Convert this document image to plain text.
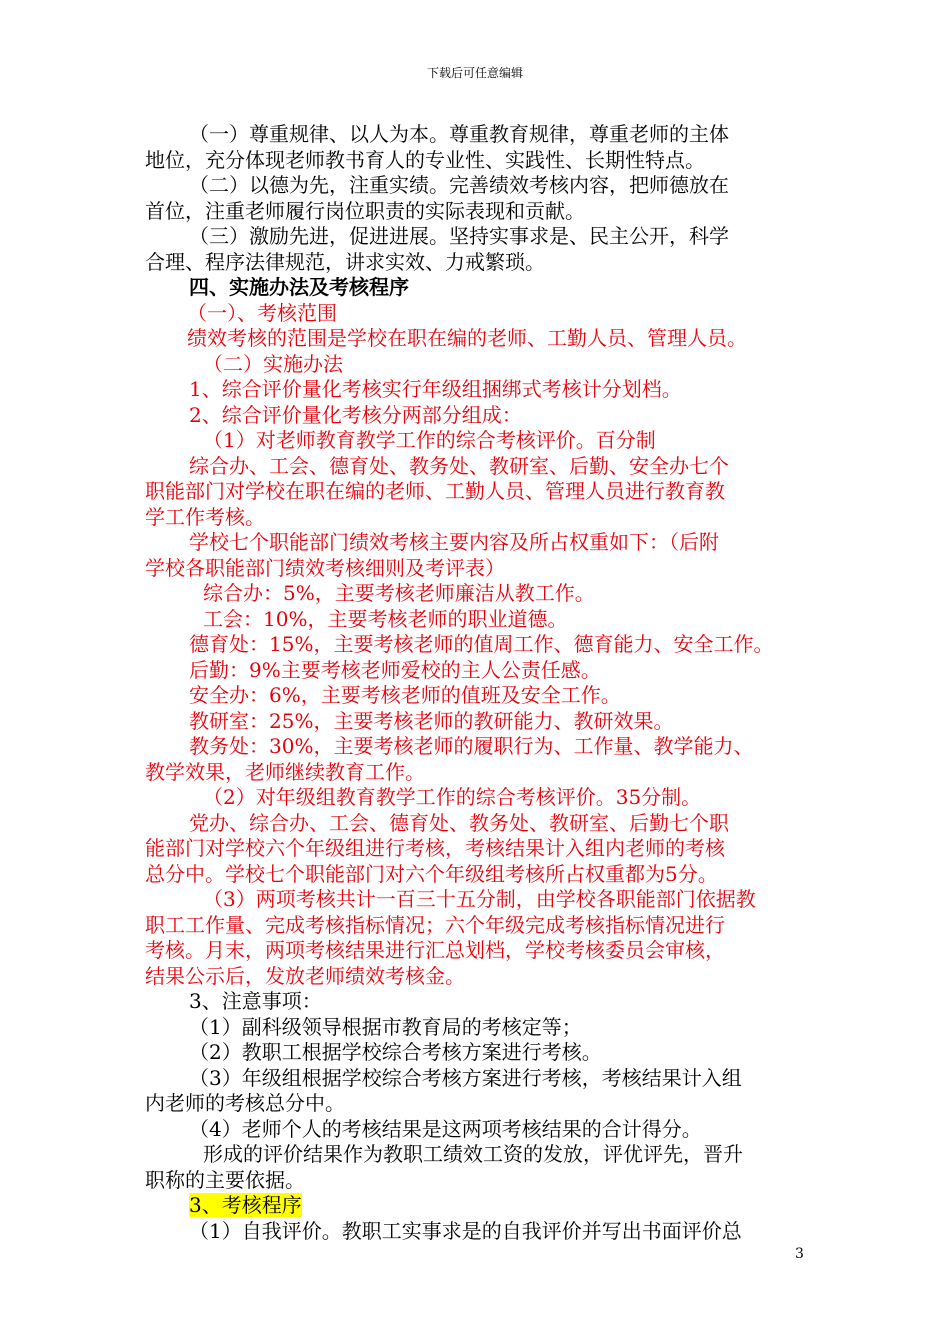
下载后可任意编辑

（一）尊重规律、以人为本。尊重教育规律，尊重老师的主体

地位，充分体现老师教书育人的专业性、实践性、长期性特点。

（二）以德为先，注重实绩。完善绩效考核内容，把师德放在

首位，注重老师履行岗位职责的实际表现和贡献。

（三）激励先进，促进进展。坚持实事求是、民主公开，科学

合理、程序法律规范，讲求实效、力戒繁琐。

四、实施办法及考核程序

（一）、考核范围

绩效考核的范围是学校在职在编的老师、工勤人员、管理人员。

（二）实施办法

1、综合评价量化考核实行年级组捆绑式考核计分划档。

2、综合评价量化考核分两部分组成：

（1）对老师教育教学工作的综合考核评价。百分制

综合办、工会、德育处、教务处、教研室、后勤、安全办七个

职能部门对学校在职在编的老师、工勤人员、管理人员进行教育教

学工作考核。

学校七个职能部门绩效考核主要内容及所占权重如下：（后附

学校各职能部门绩效考核细则及考评表）

综合办：5%，主要考核老师廉洁从教工作。

工会：10%，主要考核老师的职业道德。

德育处：15%，主要考核老师的值周工作、德育能力、安全工作。

后勤：9%主要考核老师爱校的主人公责任感。

安全办：6%，主要考核老师的值班及安全工作。

教研室：25%，主要考核老师的教研能力、教研效果。

教务处：30%，主要考核老师的履职行为、工作量、教学能力、

教学效果，老师继续教育工作。

（2）对年级组教育教学工作的综合考核评价。35分制。

党办、综合办、工会、德育处、教务处、教研室、后勤七个职

能部门对学校六个年级组进行考核，考核结果计入组内老师的考核

总分中。学校七个职能部门对六个年级组考核所占权重都为5分。

（3）两项考核共计一百三十五分制，由学校各职能部门依据教

职工工作量、完成考核指标情况；六个年级完成考核指标情况进行

考核。月末，两项考核结果进行汇总划档，学校考核委员会审核，

结果公示后，发放老师绩效考核金。

3、注意事项：

（1）副科级领导根据市教育局的考核定等；

（2）教职工根据学校综合考核方案进行考核。

（3）年级组根据学校综合考核方案进行考核，考核结果计入组

内老师的考核总分中。

（4）老师个人的考核结果是这两项考核结果的合计得分。

形成的评价结果作为教职工绩效工资的发放，评优评先，晋升

职称的主要依据。

3、考核程序

（1）自我评价。教职工实事求是的自我评价并写出书面评价总

3
